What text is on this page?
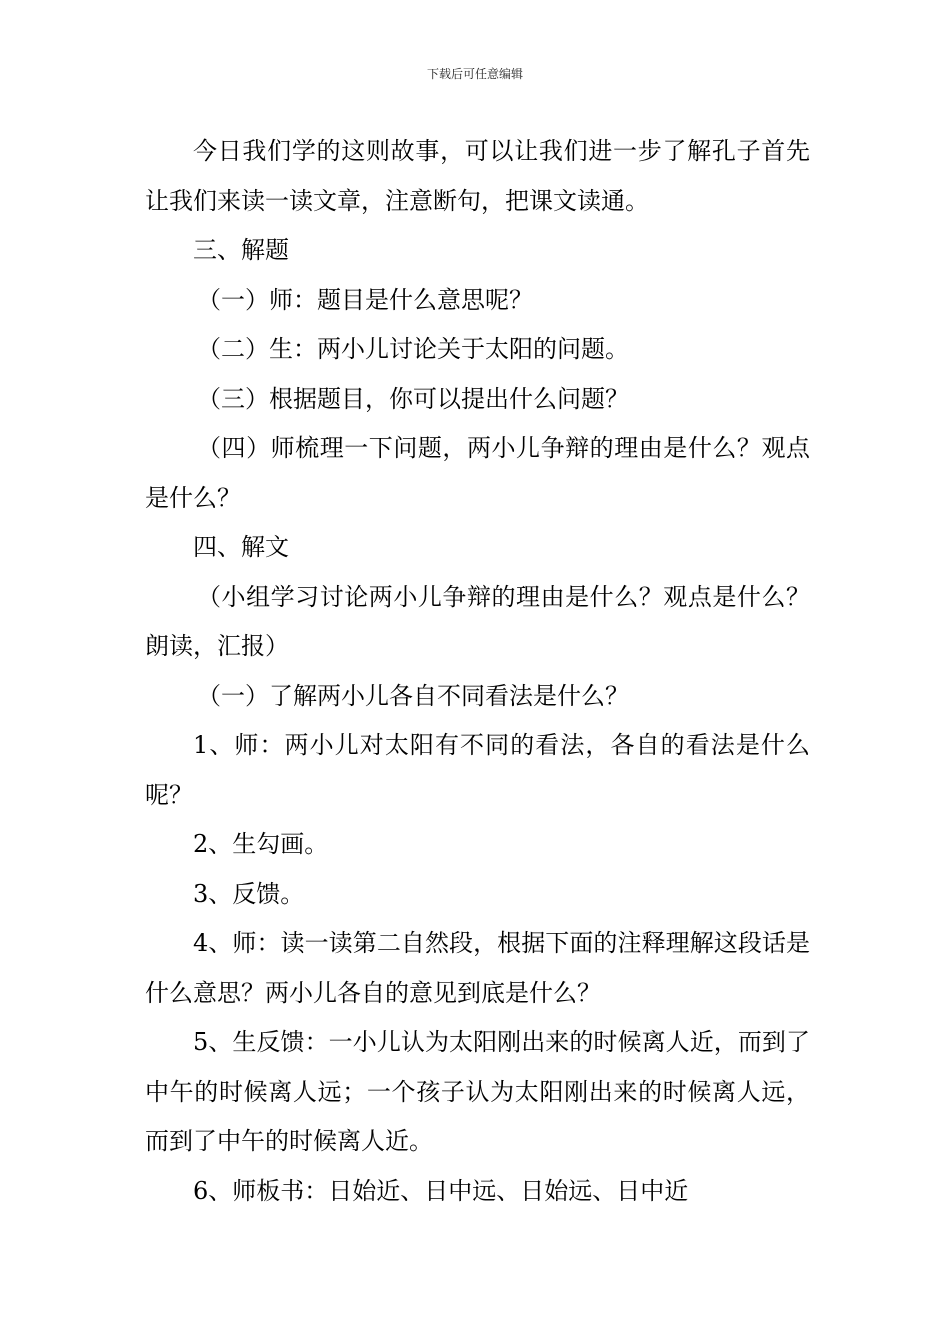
下载后可任意编辑

今日我们学的这则故事，可以让我们进一步了解孔子首先让我们来读一读文章，注意断句，把课文读通。

三、解题

（一）师：题目是什么意思呢？

（二）生：两小儿讨论关于太阳的问题。

（三）根据题目，你可以提出什么问题？

（四）师梳理一下问题，两小儿争辩的理由是什么？观点是什么？

四、解文

（小组学习讨论两小儿争辩的理由是什么？观点是什么？朗读，汇报）

（一）了解两小儿各自不同看法是什么？

1、师：两小儿对太阳有不同的看法，各自的看法是什么呢？

2、生勾画。

3、反馈。

4、师：读一读第二自然段，根据下面的注释理解这段话是什么意思？两小儿各自的意见到底是什么？

5、生反馈：一小儿认为太阳刚出来的时候离人近，而到了中午的时候离人远；一个孩子认为太阳刚出来的时候离人远，而到了中午的时候离人近。

6、师板书：日始近、日中远、日始远、日中近
